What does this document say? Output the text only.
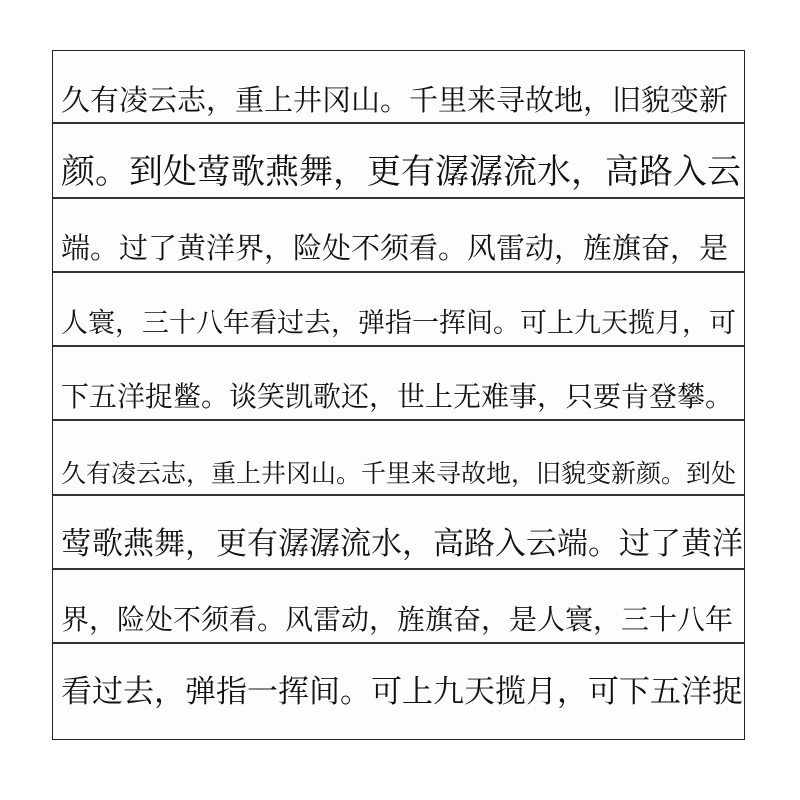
久有凌云志，重上井冈山。千里来寻故地，旧貌变新
颜。到处莺歌燕舞，更有潺潺流水，高路入云
端。过了黄洋界，险处不须看。风雷动，旌旗奋，是
人寰，三十八年看过去，弹指一挥间。可上九天揽月，可
下五洋捉鳖。谈笑凯歌还，世上无难事，只要肯登攀。
久有凌云志，重上井冈山。千里来寻故地，旧貌变新颜。到处
莺歌燕舞，更有潺潺流水，高路入云端。过了黄洋
界，险处不须看。风雷动，旌旗奋，是人寰，三十八年
看过去，弹指一挥间。可上九天揽月，可下五洋捉
